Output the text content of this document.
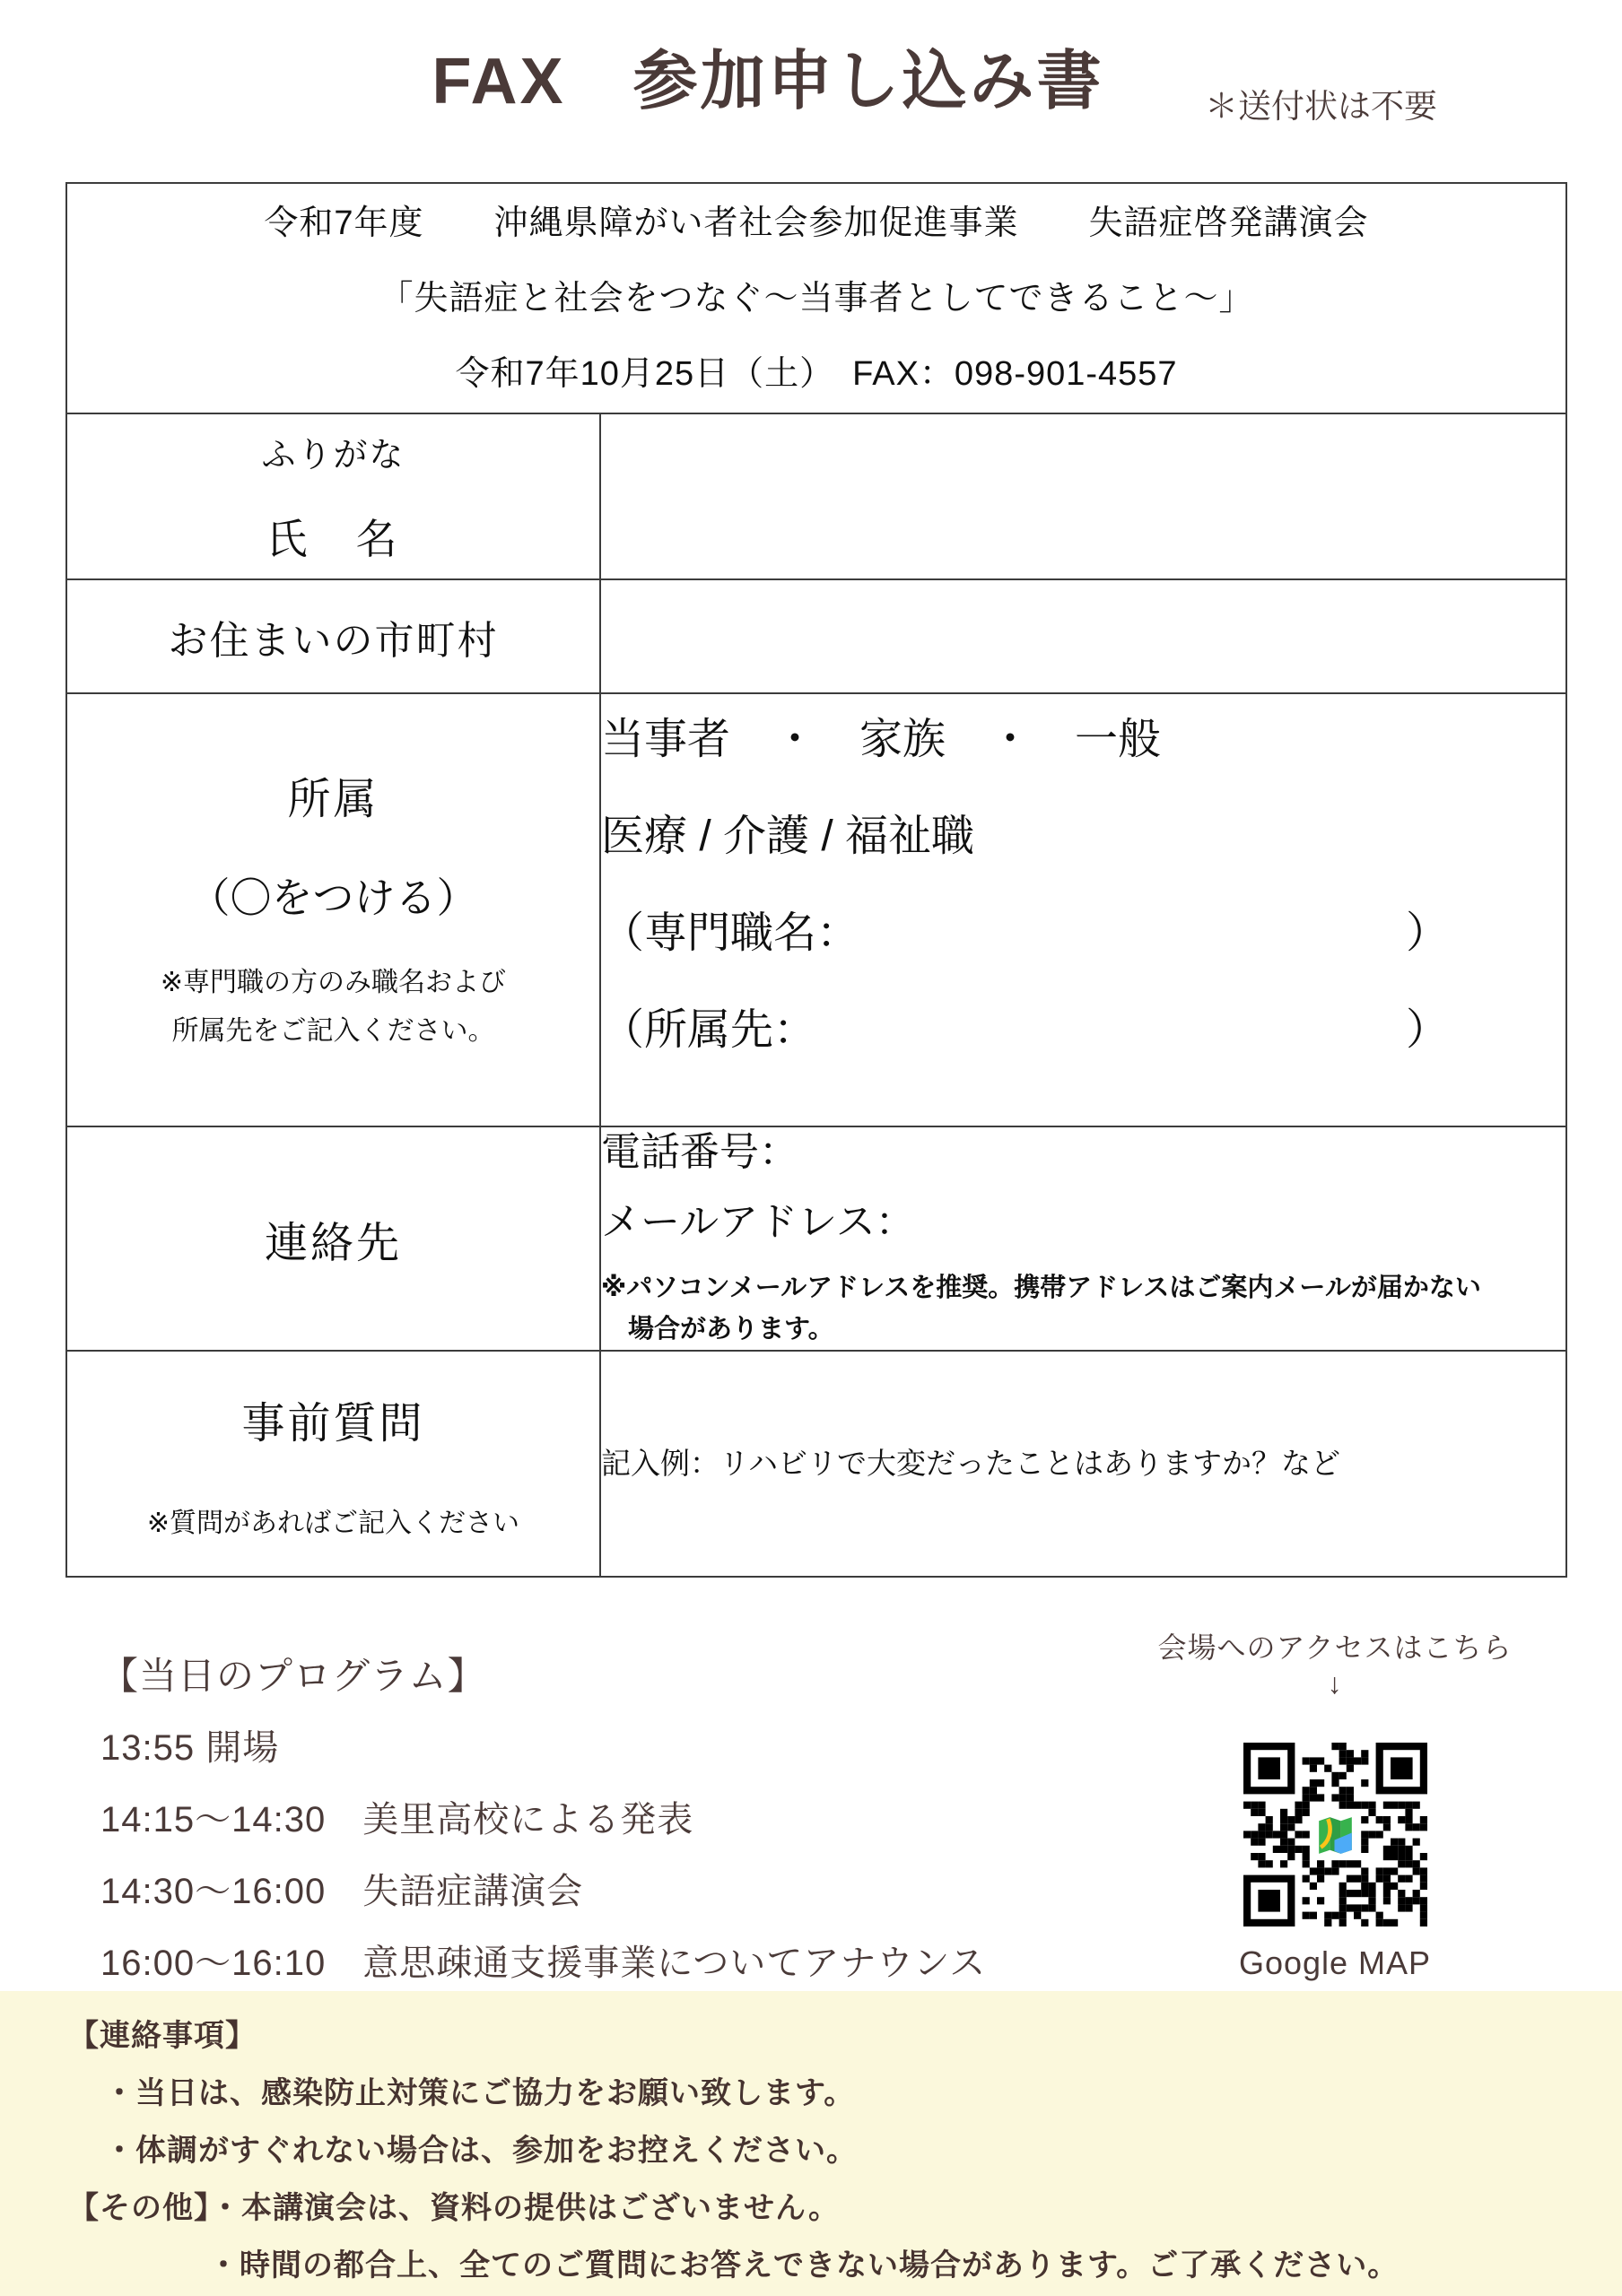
FAX　参加申し込み書	＊送付状は不要
令和7年度　　沖縄県障がい者社会参加促進事業　　失語症啓発講演会
「失語症と社会をつなぐ～当事者としてできること～」
令和7年10月25日（土）　FAX：098-901-4557	

ふりがな
氏　名	

お住まいの市町村	

所属
（〇をつける）
※専門職の方のみ職名および
所属先をご記入ください。

当事者　・　家族　・　一般
医療 / 介護 / 福祉職
（専門職名：	）
（所属先：	）

連絡先	電話番号：
メールアドレス：
※パソコンメールアドレスを推奨。携帯アドレスはご案内メールが届かない
場合があります。

事前質問
※質問があればご記入ください	記入例：リハビリで大変だったことはありますか？など
【当日のプログラム】
13:55 開場
14:15～14:30　美里高校による発表
14:30～16:00　失語症講演会
16:00～16:10　意思疎通支援事業についてアナウンス
会場へのアクセスはこちら↓
Google MAP
【連絡事項】
・当日は、感染防止対策にご協力をお願い致します。
・体調がすぐれない場合は、参加をお控えください。
【その他】・本講演会は、資料の提供はございません。
・時間の都合上、全てのご質問にお答えできない場合があります。ご了承ください。
